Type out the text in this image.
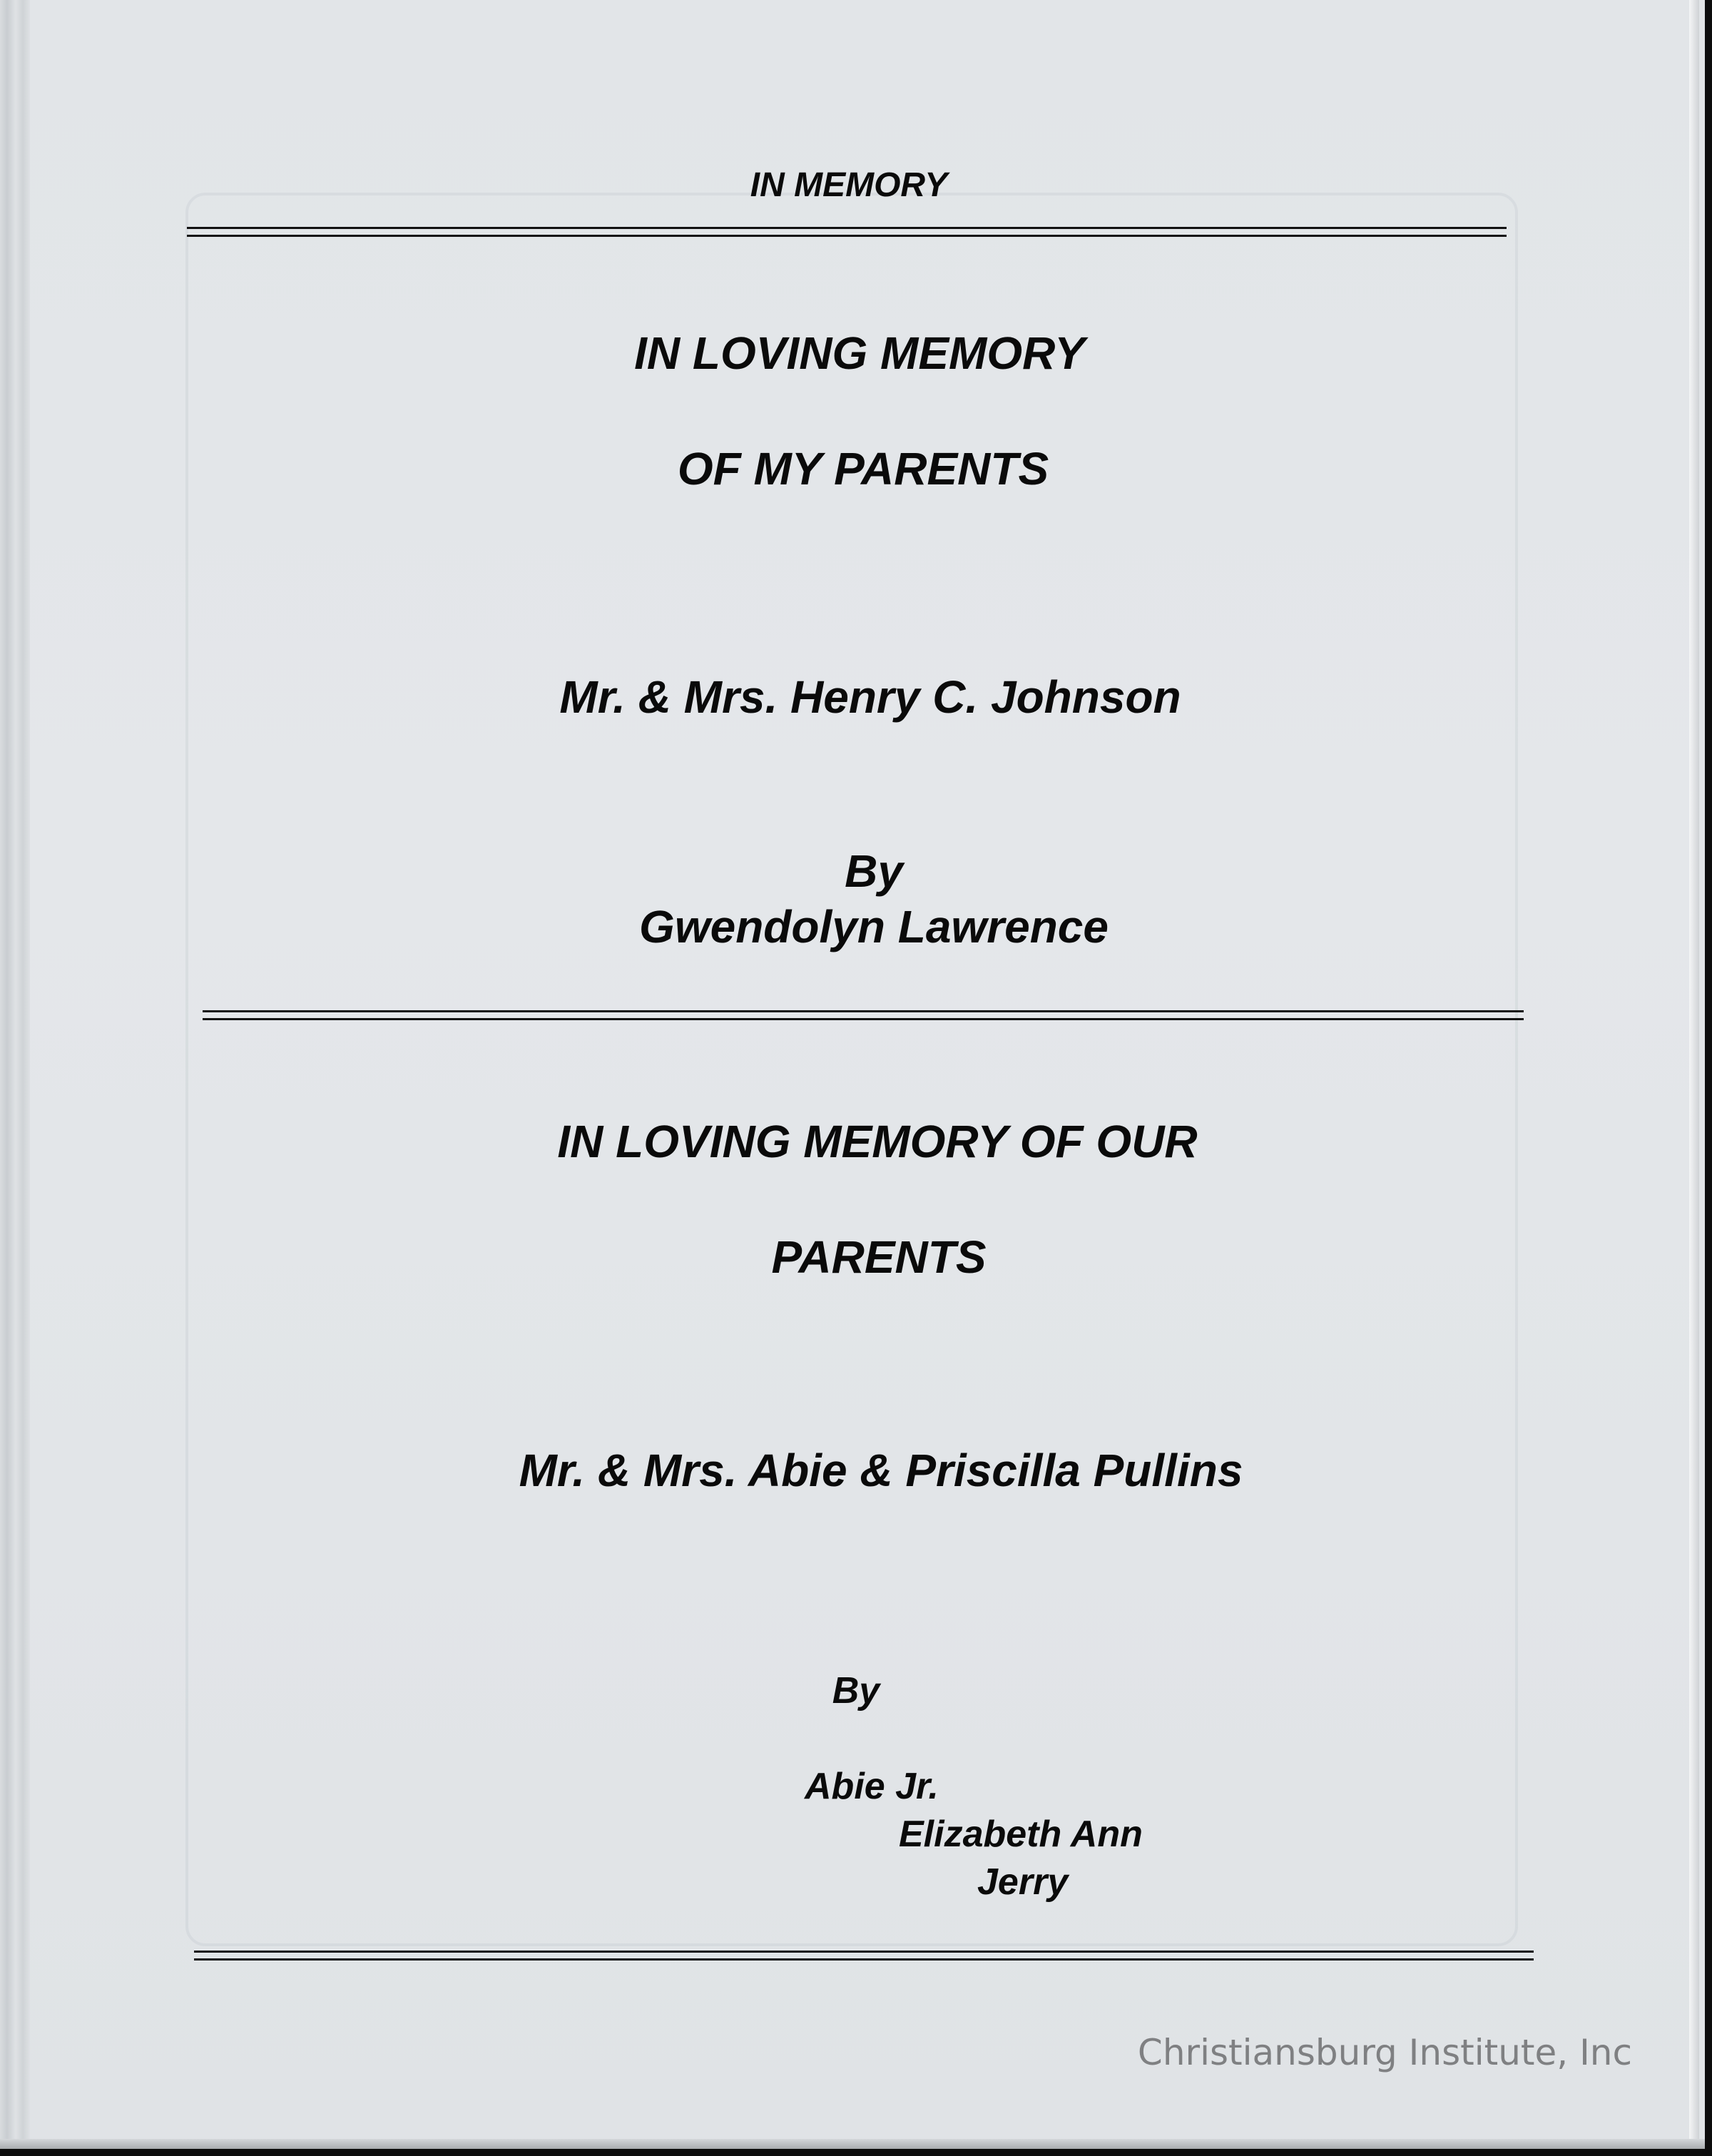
IN MEMORY
IN LOVING MEMORY
OF MY PARENTS
Mr. & Mrs. Henry C. Johnson
By
Gwendolyn Lawrence
IN LOVING MEMORY OF OUR
PARENTS
Mr. & Mrs. Abie & Priscilla Pullins
By
Abie Jr.
Elizabeth Ann
Jerry
Christiansburg Institute, Inc
